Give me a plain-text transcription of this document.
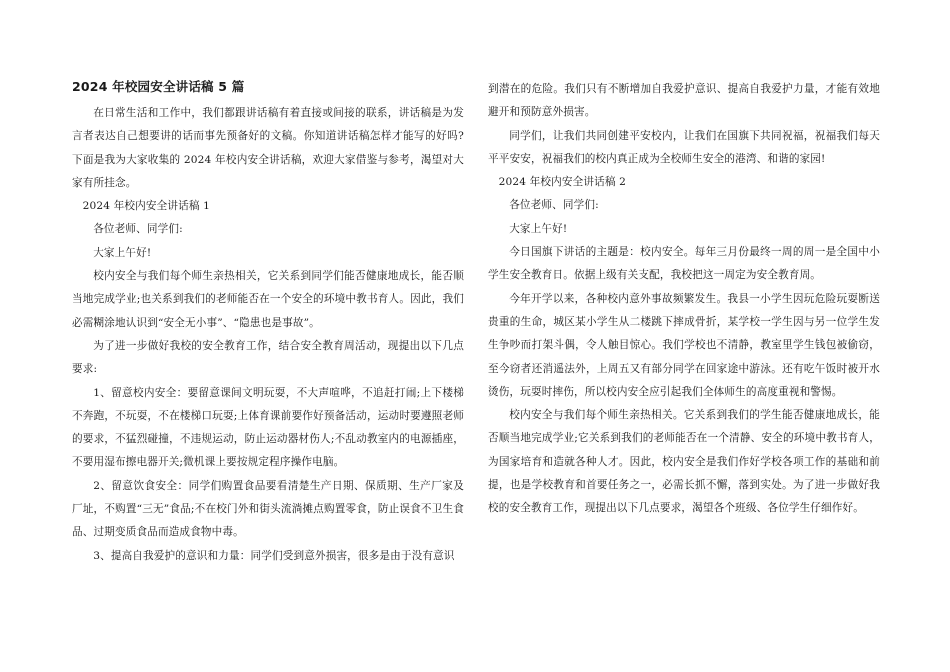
2024 年校园安全讲话稿 5 篇

在日常生活和工作中，我们都跟讲话稿有着直接或间接的联系，讲话稿是为发言者表达自己想要讲的话而事先预备好的文稿。你知道讲话稿怎样才能写的好吗?下面是我为大家收集的 2024 年校内安全讲话稿，欢迎大家借鉴与参考，渴望对大家有所挂念。

2024 年校内安全讲话稿 1

各位老师、同学们:

大家上午好!

校内安全与我们每个师生亲热相关，它关系到同学们能否健康地成长，能否顺当地完成学业;也关系到我们的老师能否在一个安全的环境中教书育人。因此，我们必需糊涂地认识到“安全无小事”、“隐患也是事故”。

为了进一步做好我校的安全教育工作，结合安全教育周活动，现提出以下几点要求:

1、留意校内安全：要留意课间文明玩耍，不大声喧哗，不追赶打闹;上下楼梯不奔跑，不玩耍，不在楼梯口玩耍;上体育课前要作好预备活动，运动时要遵照老师的要求，不猛烈碰撞，不违规运动，防止运动器材伤人;不乱动教室内的电源插座，不要用湿布擦电器开关;微机课上要按规定程序操作电脑。

2、留意饮食安全：同学们购置食品要看清楚生产日期、保质期、生产厂家及厂址，不购置“三无”食品;不在校门外和街头流淌摊点购置零食，防止误食不卫生食品、过期变质食品而造成食物中毒。

3、提高自我爱护的意识和力量：同学们受到意外损害，很多是由于没有意识

到潜在的危险。我们只有不断增加自我爱护意识、提高自我爱护力量，才能有效地避开和预防意外损害。

同学们，让我们共同创建平安校内，让我们在国旗下共同祝福，祝福我们每天平平安安，祝福我们的校内真正成为全校师生安全的港湾、和谐的家园!

2024 年校内安全讲话稿 2

各位老师、同学们:

大家上午好!

今日国旗下讲话的主题是：校内安全。每年三月份最终一周的周一是全国中小学生安全教育日。依据上级有关支配，我校把这一周定为安全教育周。

今年开学以来，各种校内意外事故频繁发生。我县一小学生因玩危险玩耍断送贵重的生命，城区某小学生从二楼跳下摔成骨折，某学校一学生因与另一位学生发生争吵而打架斗偶，令人触目惊心。我们学校也不清静，教室里学生钱包被偷窃，至今窃者还消遥法外，上周五又有部分同学在回家途中游泳。还有吃午饭时被开水烫伤，玩耍时摔伤，所以校内安全应引起我们全体师生的高度重视和警惕。

校内安全与我们每个师生亲热相关。它关系到我们的学生能否健康地成长，能否顺当地完成学业;它关系到我们的老师能否在一个清静、安全的环境中教书育人，为国家培育和造就各种人才。因此，校内安全是我们作好学校各项工作的基础和前提，也是学校教育和首要任务之一，必需长抓不懈，落到实处。为了进一步做好我校的安全教育工作，现提出以下几点要求，渴望各个班级、各位学生仔细作好。
